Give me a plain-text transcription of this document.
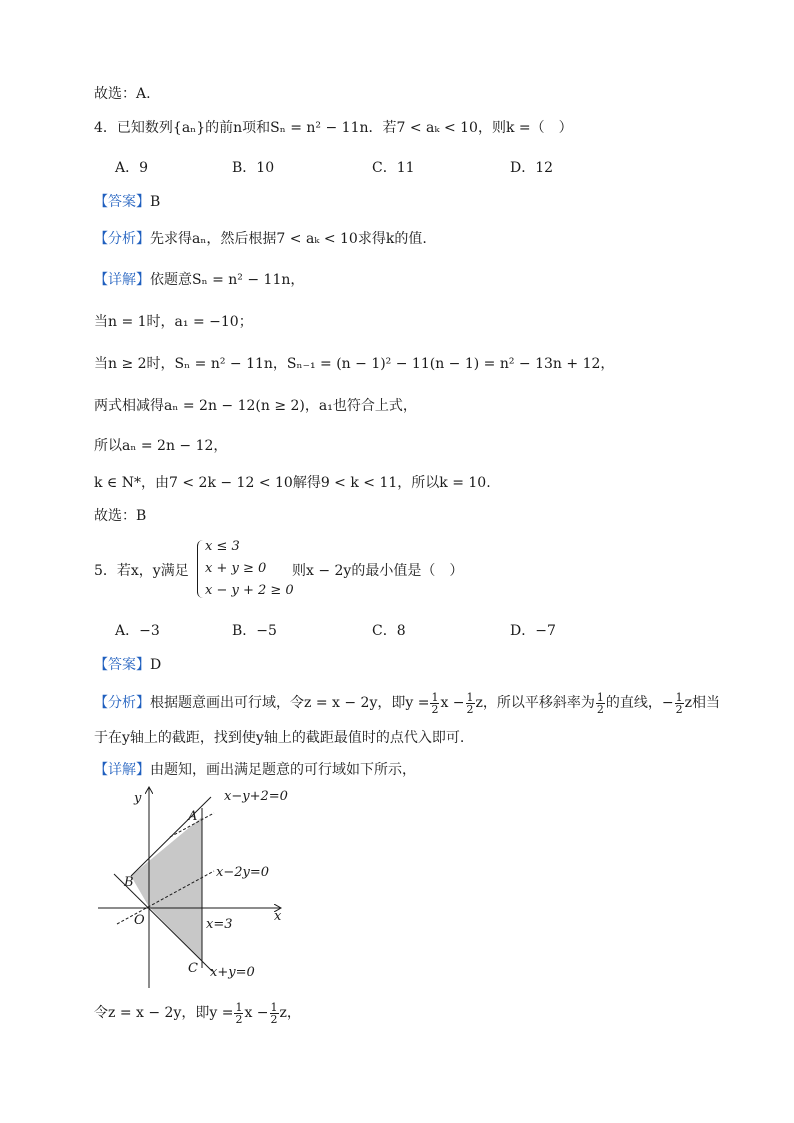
故选：A.
4．已知数列{aₙ}的前n项和Sₙ = n² − 11n．若7 < aₖ < 10，则k =（　）
A．9	B．10	C．11	D．12
【答案】B
【分析】先求得aₙ，然后根据7 < aₖ < 10求得k的值.
【详解】依题意Sₙ = n² − 11n，
当n = 1时，a₁ = −10；
当n ≥ 2时，Sₙ = n² − 11n，Sₙ₋₁ = (n − 1)² − 11(n − 1) = n² − 13n + 12，
两式相减得aₙ = 2n − 12(n ≥ 2)，a₁也符合上式，
所以aₙ = 2n − 12，
k ∈ N*，由7 < 2k − 12 < 10解得9 < k < 11，所以k = 10.
故选：B
5．若x，y满足
x ≤ 3
x + y ≥ 0
x − y + 2 ≥ 0
则x − 2y的最小值是（　）
A．−3	B．−5	C．8	D．−7
【答案】D
【分析】根据题意画出可行域，令z = x − 2y，即$y = \frac{1}{2}$ $x - \frac{1}{2}$ z，所以平移斜率为 $\frac{1}{2}$ 的直线，− $\frac{1}{2}$ z相当
于在y轴上的截距，找到使y轴上的截距最值时的点代入即可.
【详解】由题知，画出满足题意的可行域如下所示，
y
x
A
B
O
C
x−y+2=0
x−2y=0
x=3
x+y=0
令z = x − 2y，即$y = \frac{1}{2}$ $x - \frac{1}{2}$ z，
